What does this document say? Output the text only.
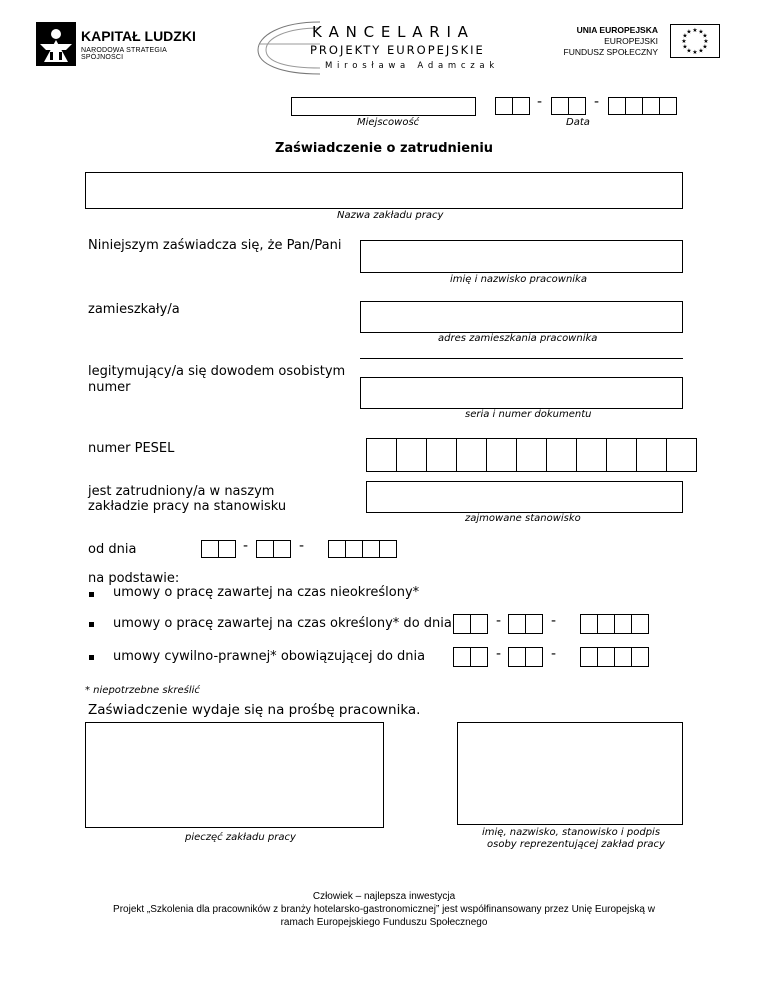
KAPITAŁ LUDZKI
NARODOWA STRATEGIA SPÓJNOŚCI
K A N C E L A R I A
PROJEKTY EUROPEJSKIE
M i r o s ł a w a   A d a m c z a k
UNIA EUROPEJSKA
EUROPEJSKI
FUNDUSZ SPOŁECZNY
★ ★
★
★
★
★
★
★
★
★
★
★
Miejscowość
-	-
Data
Zaświadczenie o zatrudnieniu
Nazwa zakładu pracy
Niniejszym zaświadcza się, że Pan/Pani
imię i nazwisko pracownika
zamieszkały/a
adres zamieszkania pracownika
legitymujący/a się dowodem osobistym
numer
seria i numer dokumentu
numer PESEL
jest zatrudniony/a w naszym
zakładzie pracy na stanowisku
zajmowane stanowisko
od dnia	-	-
na podstawie:
umowy o pracę zawartej na czas nieokreślony*
umowy o pracę zawartej na czas określony* do dnia	-	-
umowy cywilno-prawnej* obowiązującej do dnia	-	-
* niepotrzebne skreślić
Zaświadczenie wydaje się na prośbę pracownika.
pieczęć zakładu pracy	imię, nazwisko, stanowisko i podpis
osoby reprezentującej zakład pracy
Człowiek – najlepsza inwestycja
Projekt „Szkolenia dla pracowników z branży hotelarsko-gastronomicznej” jest współfinansowany przez Unię Europejską w
ramach Europejskiego Funduszu Społecznego
